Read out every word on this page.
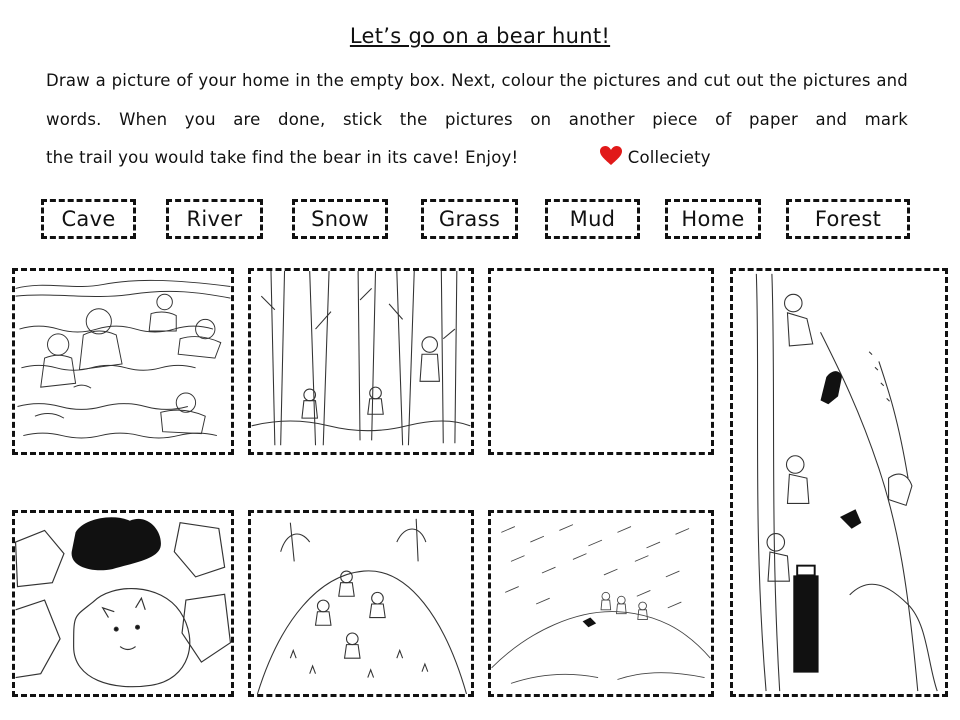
Let’s go on a bear hunt!
Draw a picture of your home in the empty box. Next, colour the pictures and cut out the pictures and words. When you are done, stick the pictures on another piece of paper and mark the trail you would take find the bear in its cave! Enjoy!	Colleciety
Cave	River	Snow	Grass	Mud	Home	Forest
